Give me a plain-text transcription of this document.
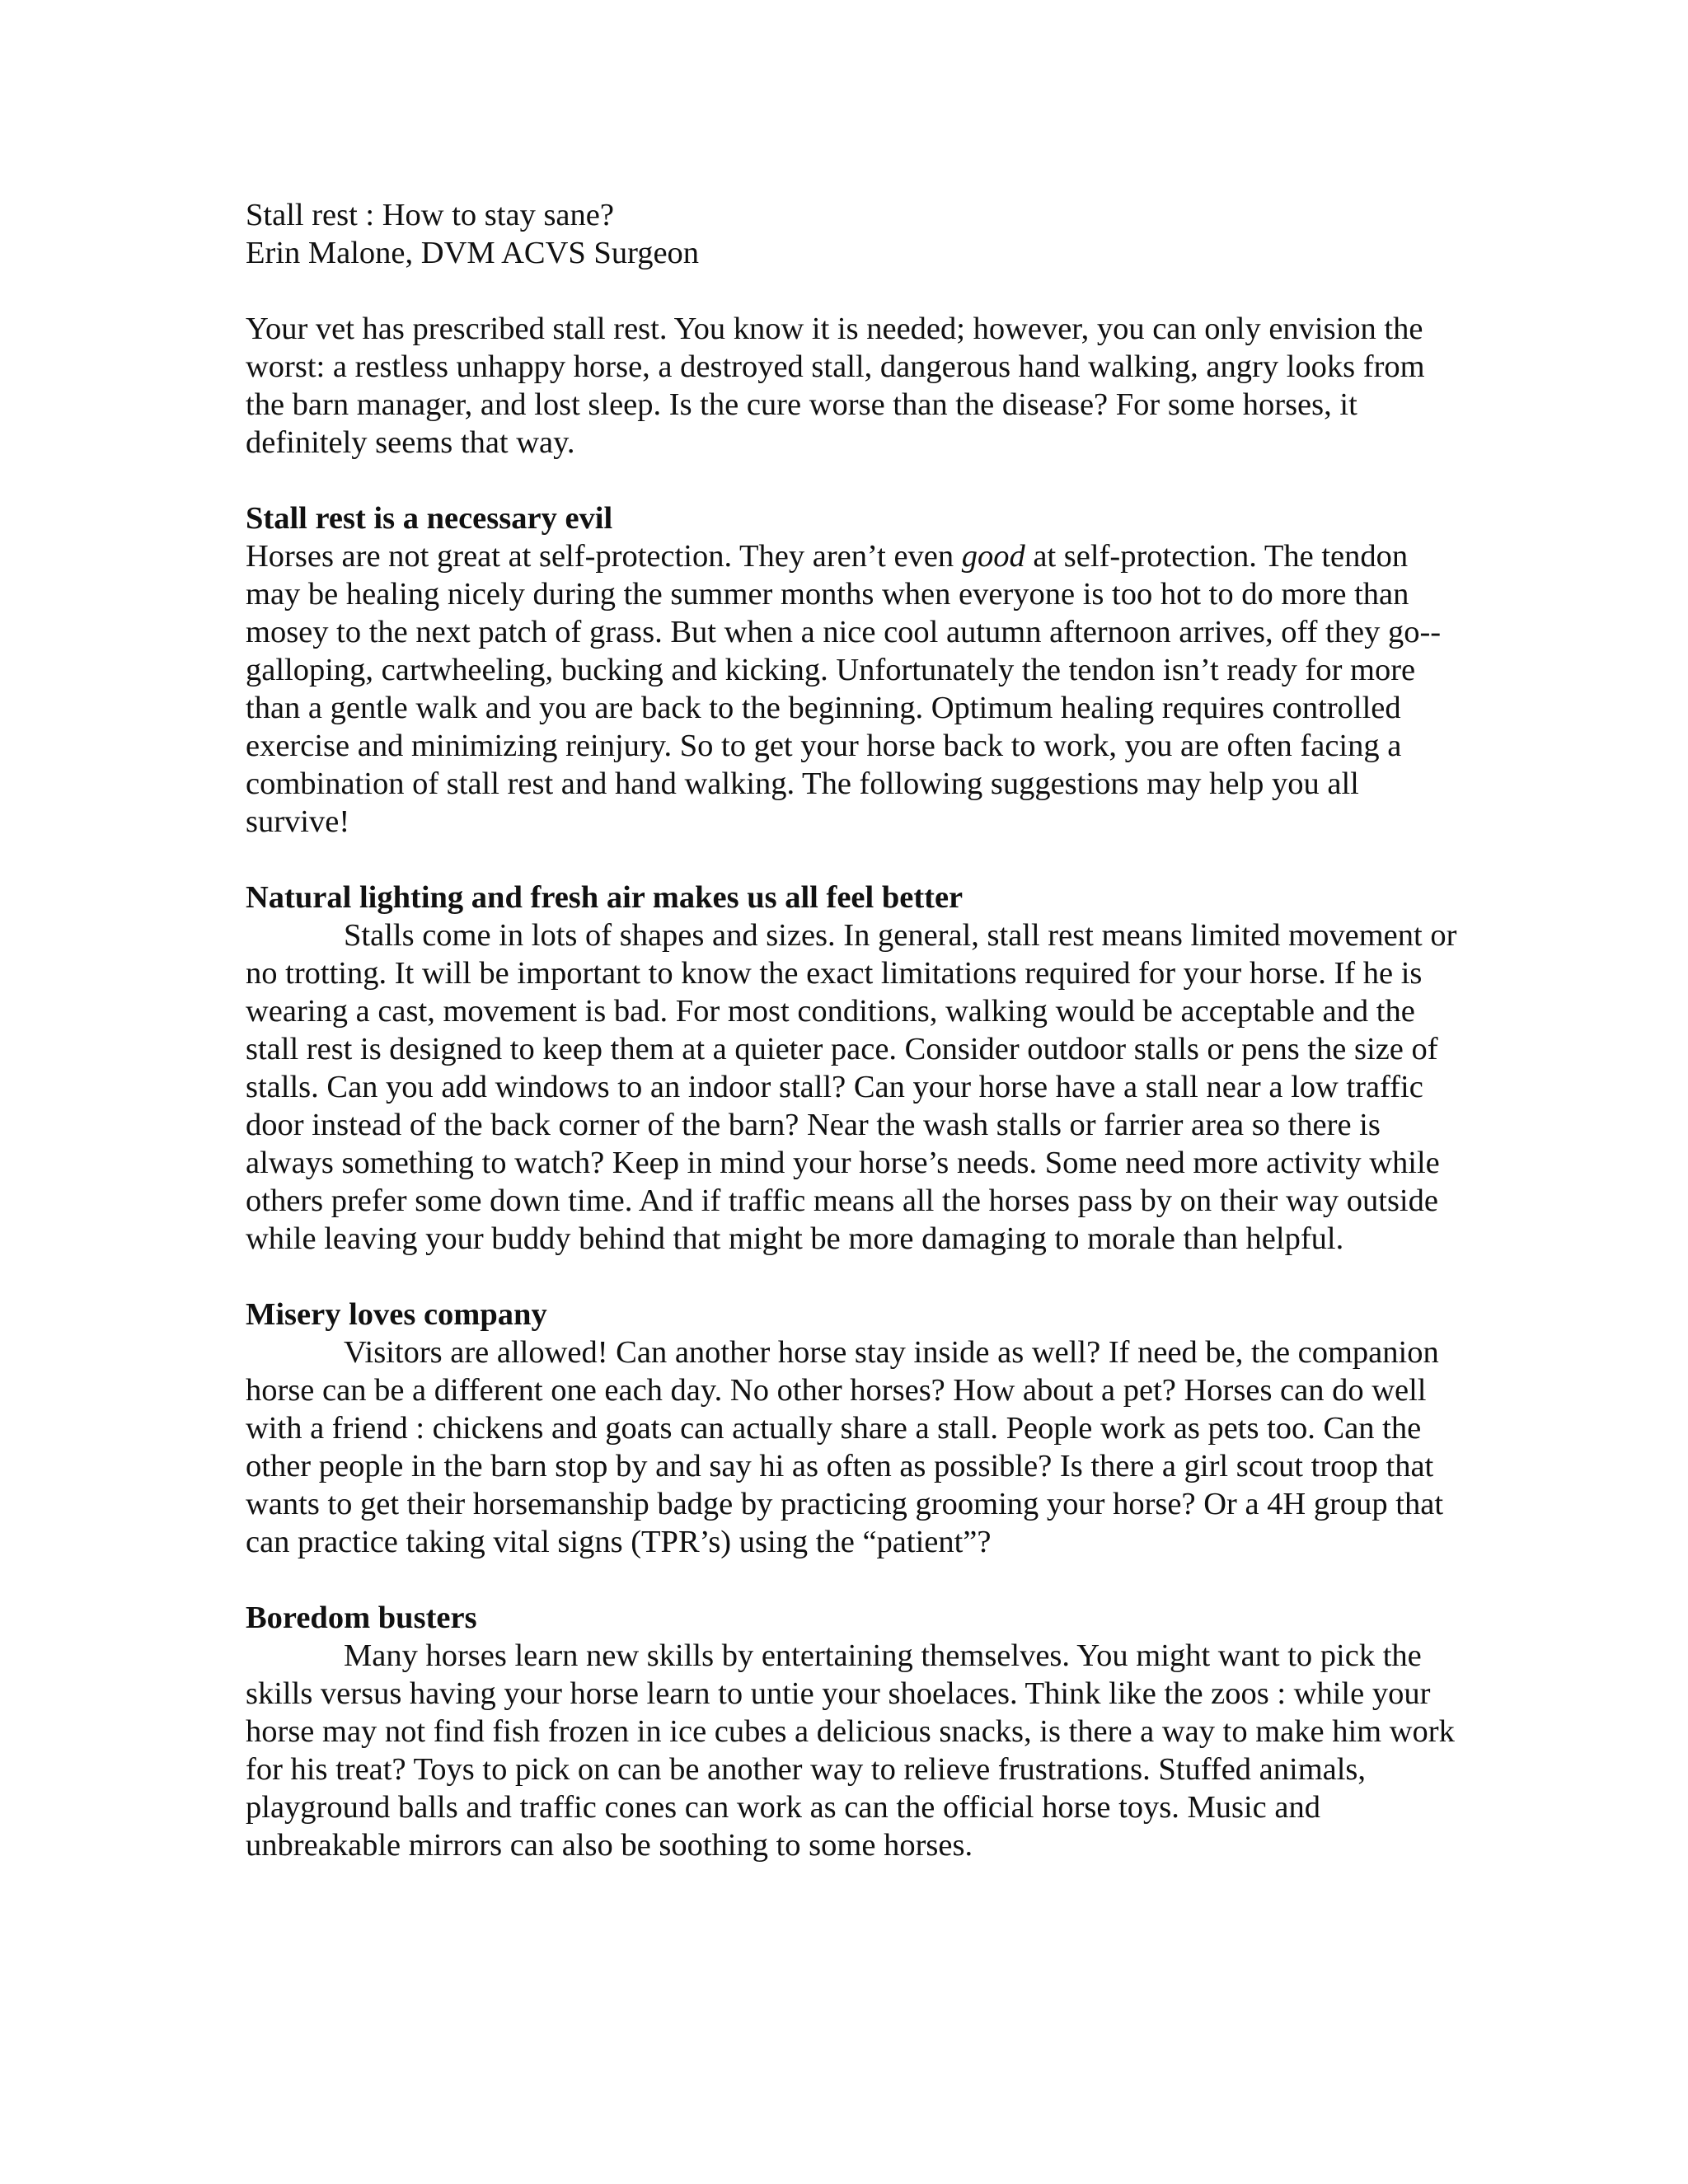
Stall rest : How to stay sane?
Erin Malone, DVM ACVS Surgeon

Your vet has prescribed stall rest. You know it is needed; however, you can only envision the worst: a restless unhappy horse, a destroyed stall, dangerous hand walking, angry looks from the barn manager, and lost sleep. Is the cure worse than the disease? For some horses, it definitely seems that way.

Stall rest is a necessary evil

Horses are not great at self-protection. They aren’t even good at self-protection. The tendon may be healing nicely during the summer months when everyone is too hot to do more than mosey to the next patch of grass. But when a nice cool autumn afternoon arrives, off they go-- galloping, cartwheeling, bucking and kicking. Unfortunately the tendon isn’t ready for more than a gentle walk and you are back to the beginning. Optimum healing requires controlled exercise and minimizing reinjury. So to get your horse back to work, you are often facing a combination of stall rest and hand walking. The following suggestions may help you all survive!

Natural lighting and fresh air makes us all feel better

Stalls come in lots of shapes and sizes. In general, stall rest means limited movement or no trotting. It will be important to know the exact limitations required for your horse. If he is wearing a cast, movement is bad. For most conditions, walking would be acceptable and the stall rest is designed to keep them at a quieter pace. Consider outdoor stalls or pens the size of stalls. Can you add windows to an indoor stall? Can your horse have a stall near a low traffic door instead of the back corner of the barn? Near the wash stalls or farrier area so there is always something to watch? Keep in mind your horse’s needs. Some need more activity while others prefer some down time. And if traffic means all the horses pass by on their way outside while leaving your buddy behind that might be more damaging to morale than helpful.

Misery loves company

Visitors are allowed! Can another horse stay inside as well? If need be, the companion horse can be a different one each day. No other horses? How about a pet? Horses can do well with a friend : chickens and goats can actually share a stall. People work as pets too. Can the other people in the barn stop by and say hi as often as possible? Is there a girl scout troop that wants to get their horsemanship badge by practicing grooming your horse? Or a 4H group that can practice taking vital signs (TPR’s) using the “patient”?

Boredom busters

Many horses learn new skills by entertaining themselves. You might want to pick the skills versus having your horse learn to untie your shoelaces. Think like the zoos : while your horse may not find fish frozen in ice cubes a delicious snacks, is there a way to make him work for his treat? Toys to pick on can be another way to relieve frustrations. Stuffed animals, playground balls and traffic cones can work as can the official horse toys. Music and unbreakable mirrors can also be soothing to some horses.
